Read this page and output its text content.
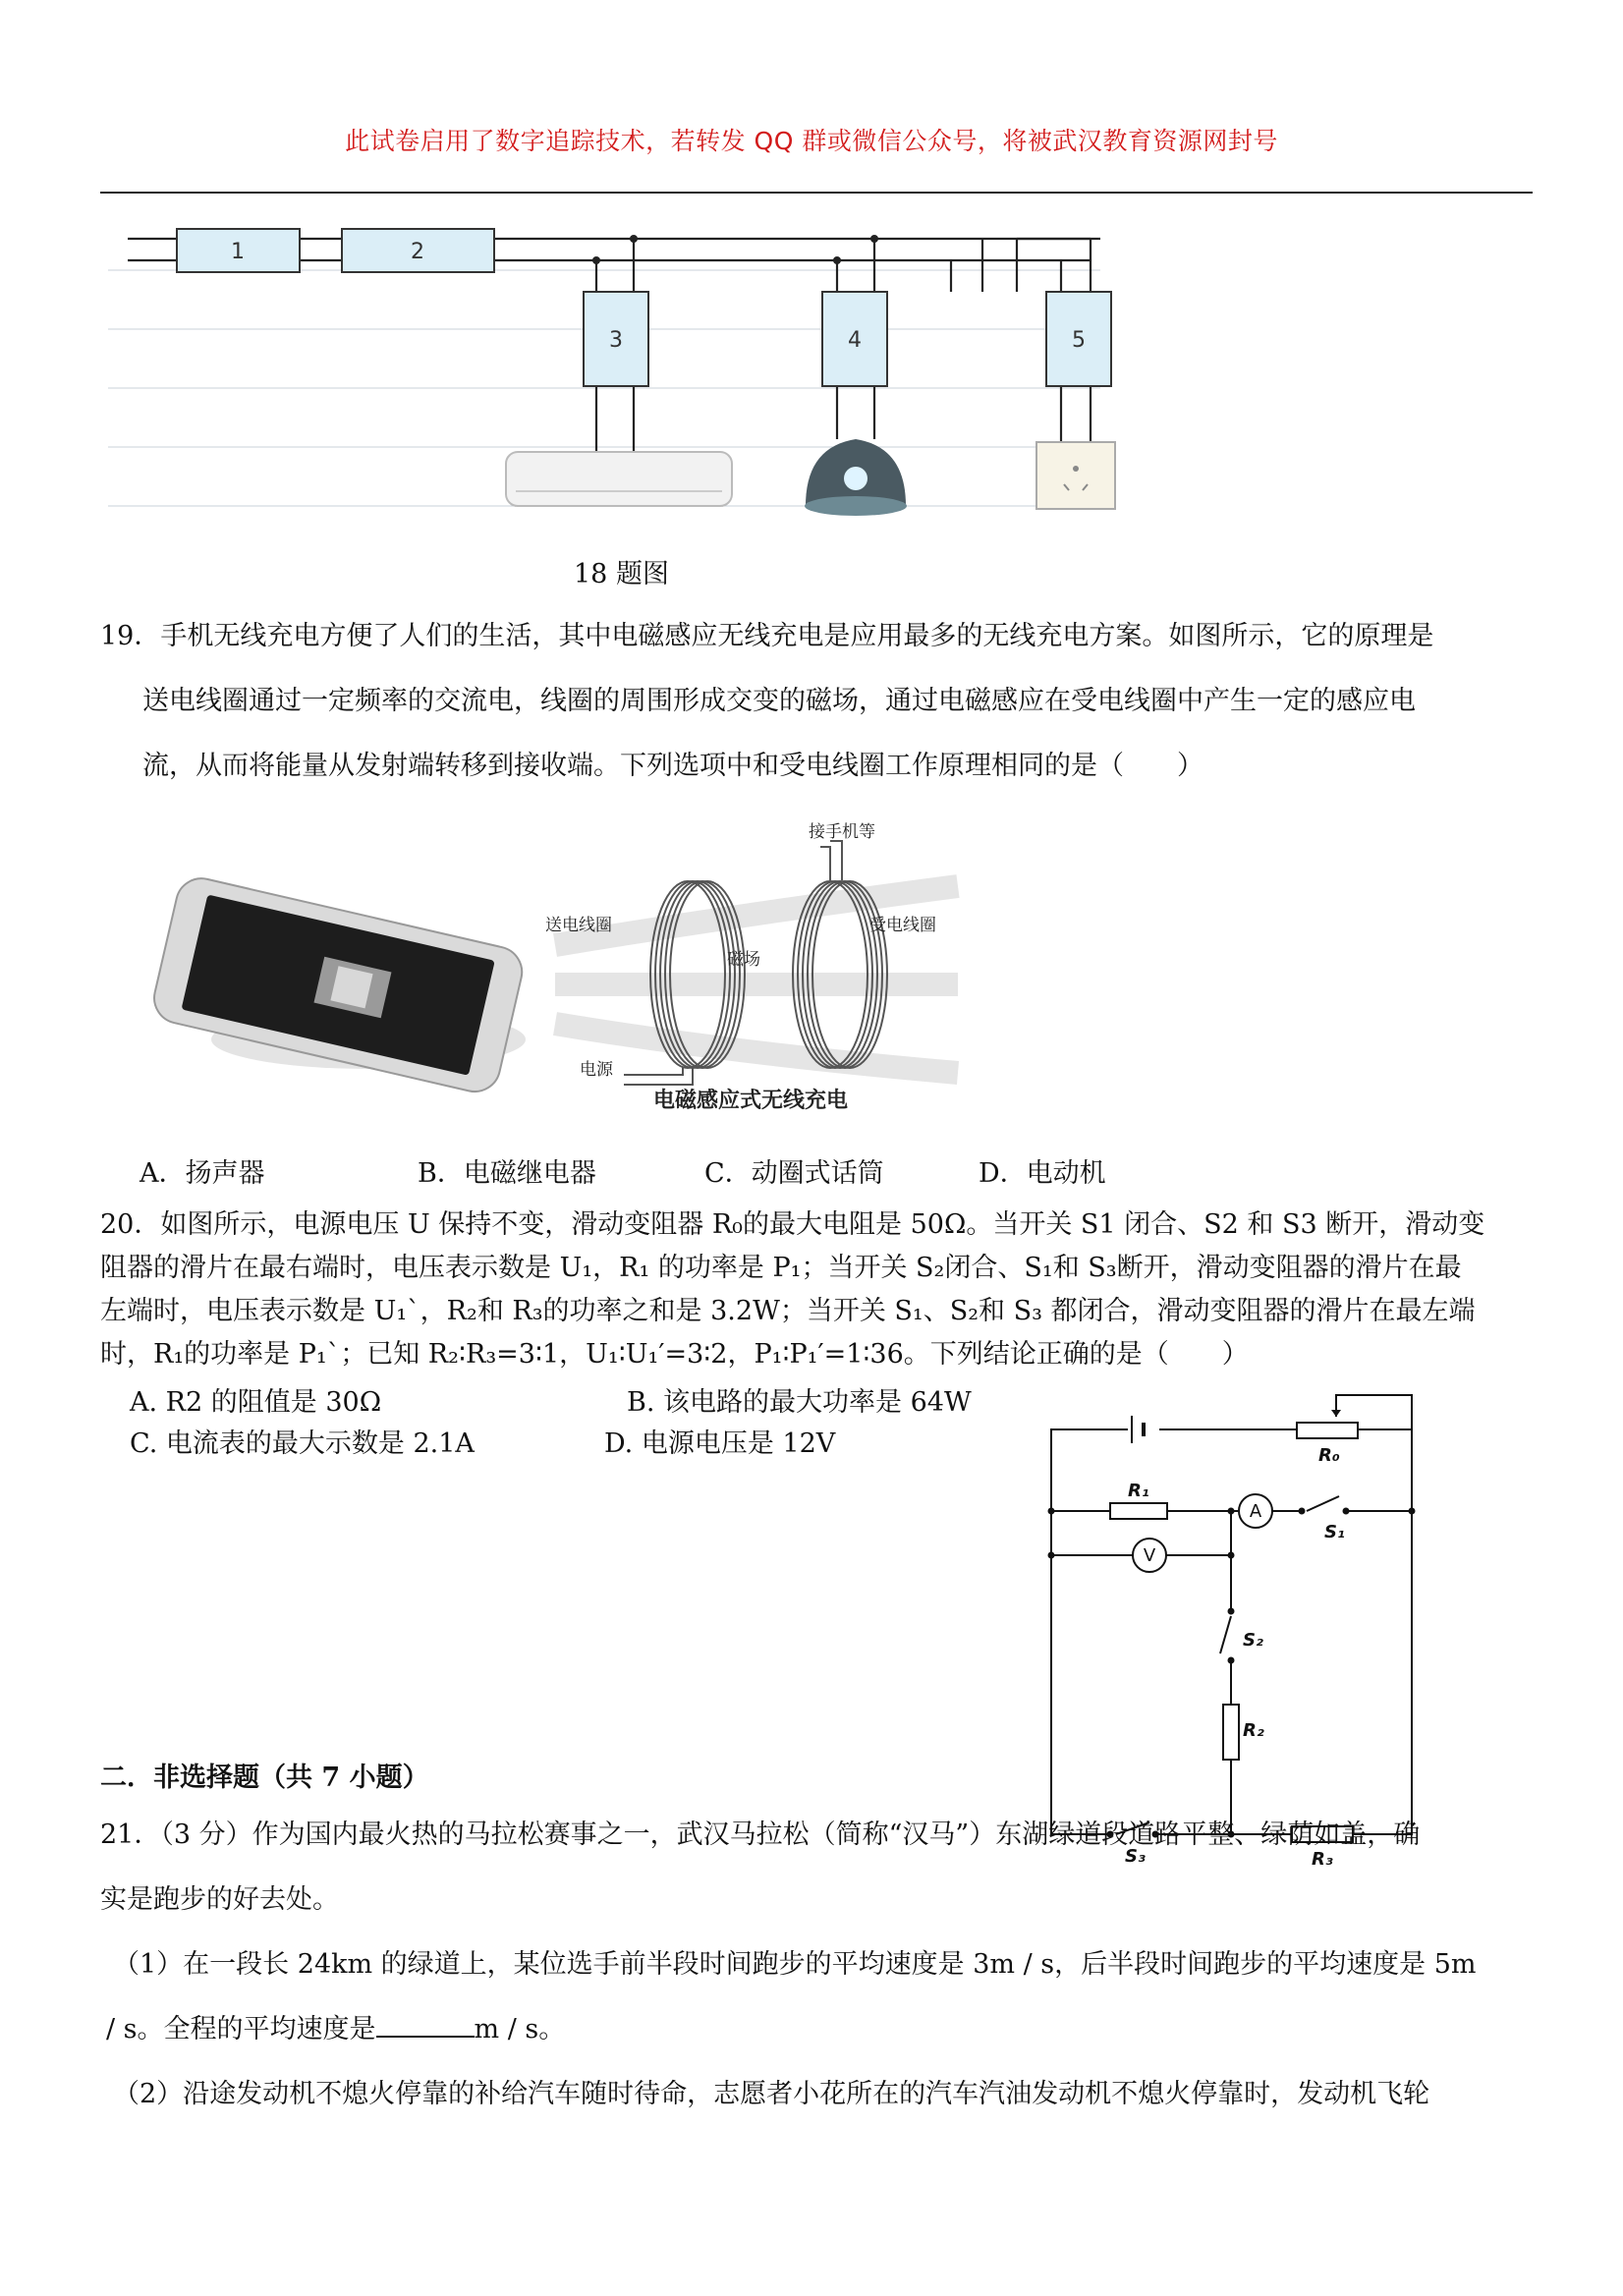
此试卷启用了数字追踪技术，若转发 QQ 群或微信公众号，将被武汉教育资源网封号
1	2
3	4	5
18 题图
19．手机无线充电方便了人们的生活，其中电磁感应无线充电是应用最多的无线充电方案。如图所示，它的原理是
送电线圈通过一定频率的交流电，线圈的周围形成交变的磁场，通过电磁感应在受电线圈中产生一定的感应电
流，从而将能量从发射端转移到接收端。下列选项中和受电线圈工作原理相同的是（　　）
接手机等
送电线圈	受电线圈
磁场
电源
电磁感应式无线充电
A．扬声器	B．电磁继电器	C．动圈式话筒	D．电动机
20．如图所示，电源电压 U 保持不变，滑动变阻器 R₀的最大电阻是 50Ω。当开关 S1 闭合、S2 和 S3 断开，滑动变
阻器的滑片在最右端时，电压表示数是 U₁，R₁ 的功率是 P₁；当开关 S₂闭合、S₁和 S₃断开，滑动变阻器的滑片在最
左端时，电压表示数是 U₁`，R₂和 R₃的功率之和是 3.2W；当开关 S₁、S₂和 S₃ 都闭合，滑动变阻器的滑片在最左端
时，R₁的功率是 P₁`；已知 R₂∶R₃=3∶1，U₁∶U₁′=3∶2，P₁∶P₁′=1∶36。下列结论正确的是（　　）
A. R2 的阻值是 30Ω	B. 该电路的最大功率是 64W
C. 电流表的最大示数是 2.1A	D. 电源电压是 12V	R₀
R₁
R₂
R₃
S₁
S₂
S₃
A
V
二．非选择题（共 7 小题）
21．（3 分）作为国内最火热的马拉松赛事之一，武汉马拉松（简称“汉马”）东湖绿道段道路平整、绿荫如盖，确
实是跑步的好去处。
（1）在一段长 24km 的绿道上，某位选手前半段时间跑步的平均速度是 3m / s，后半段时间跑步的平均速度是 5m
/ s。全程的平均速度是	m / s。
（2）沿途发动机不熄火停靠的补给汽车随时待命，志愿者小花所在的汽车汽油发动机不熄火停靠时，发动机飞轮
